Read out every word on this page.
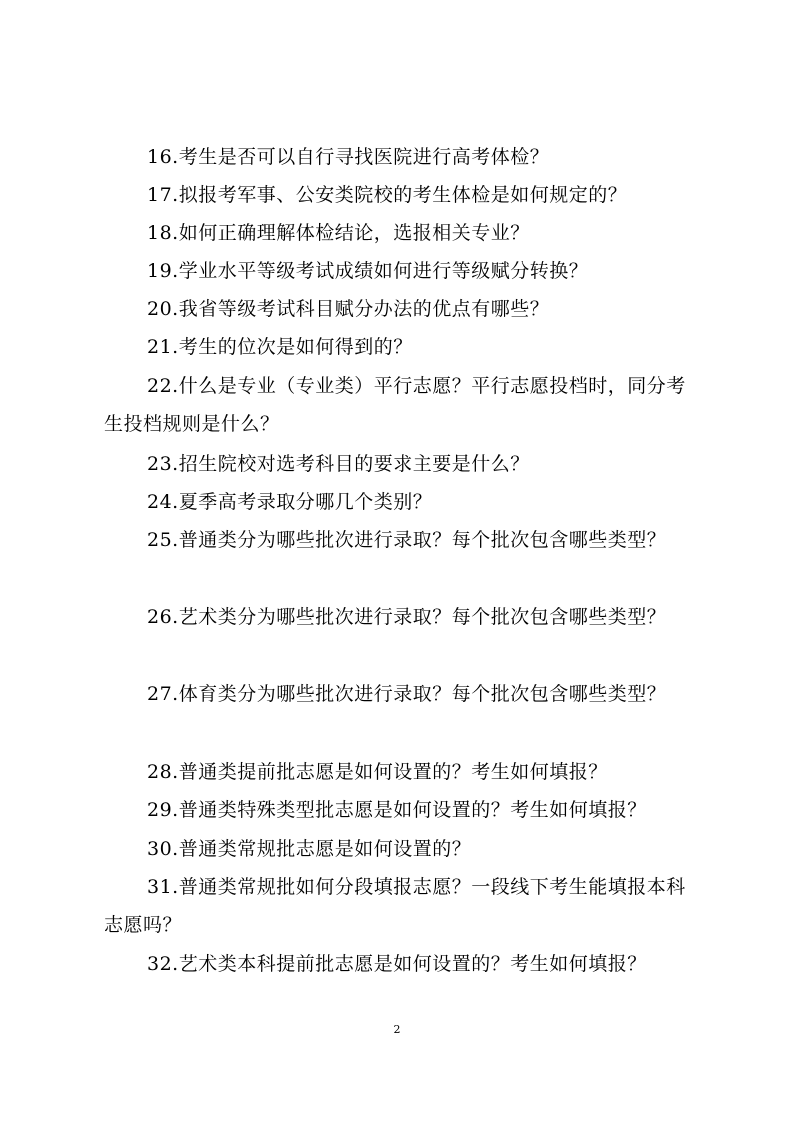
16.考生是否可以自行寻找医院进行高考体检？

17.拟报考军事、公安类院校的考生体检是如何规定的？

18.如何正确理解体检结论，选报相关专业？

19.学业水平等级考试成绩如何进行等级赋分转换？

20.我省等级考试科目赋分办法的优点有哪些？

21.考生的位次是如何得到的？

22.什么是专业（专业类）平行志愿？平行志愿投档时，同分考生投档规则是什么？

23.招生院校对选考科目的要求主要是什么？

24.夏季高考录取分哪几个类别？

25.普通类分为哪些批次进行录取？每个批次包含哪些类型？

26.艺术类分为哪些批次进行录取？每个批次包含哪些类型？

27.体育类分为哪些批次进行录取？每个批次包含哪些类型？

28.普通类提前批志愿是如何设置的？考生如何填报？

29.普通类特殊类型批志愿是如何设置的？考生如何填报？

30.普通类常规批志愿是如何设置的？

31.普通类常规批如何分段填报志愿？一段线下考生能填报本科志愿吗？

32.艺术类本科提前批志愿是如何设置的？考生如何填报？

2
